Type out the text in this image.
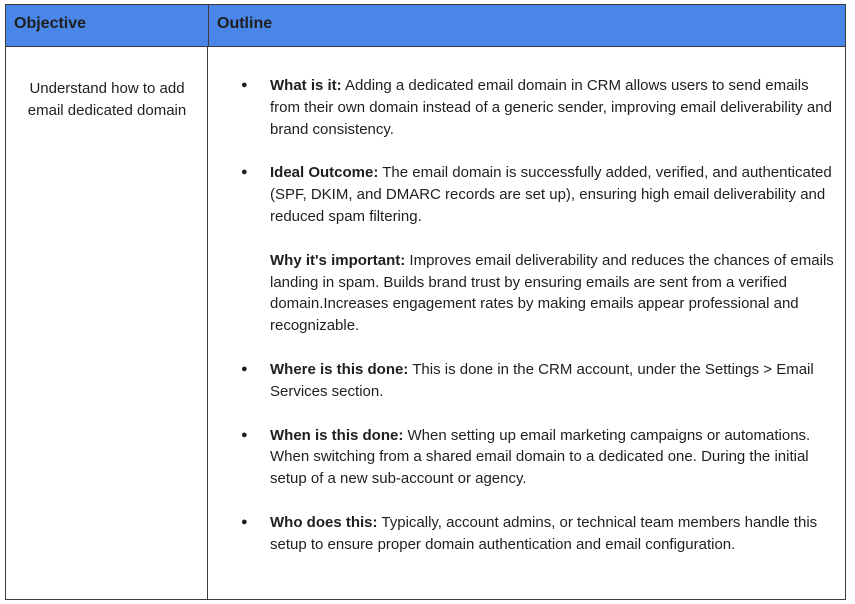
Objective	Outline
Understand how to add email dedicated domain

● What is it: Adding a dedicated email domain in CRM allows users to send emails from their own domain instead of a generic sender, improving email deliverability and brand consistency.

● Ideal Outcome: The email domain is successfully added, verified, and authenticated (SPF, DKIM, and DMARC records are set up), ensuring high email deliverability and reduced spam filtering.

Why it's important: Improves email deliverability and reduces the chances of emails landing in spam. Builds brand trust by ensuring emails are sent from a verified domain.Increases engagement rates by making emails appear professional and recognizable.

● Where is this done: This is done in the CRM account, under the Settings > Email Services section.

● When is this done: When setting up email marketing campaigns or automations. When switching from a shared email domain to a dedicated one. During the initial setup of a new sub-account or agency.

● Who does this: Typically, account admins, or technical team members handle this setup to ensure proper domain authentication and email configuration.
